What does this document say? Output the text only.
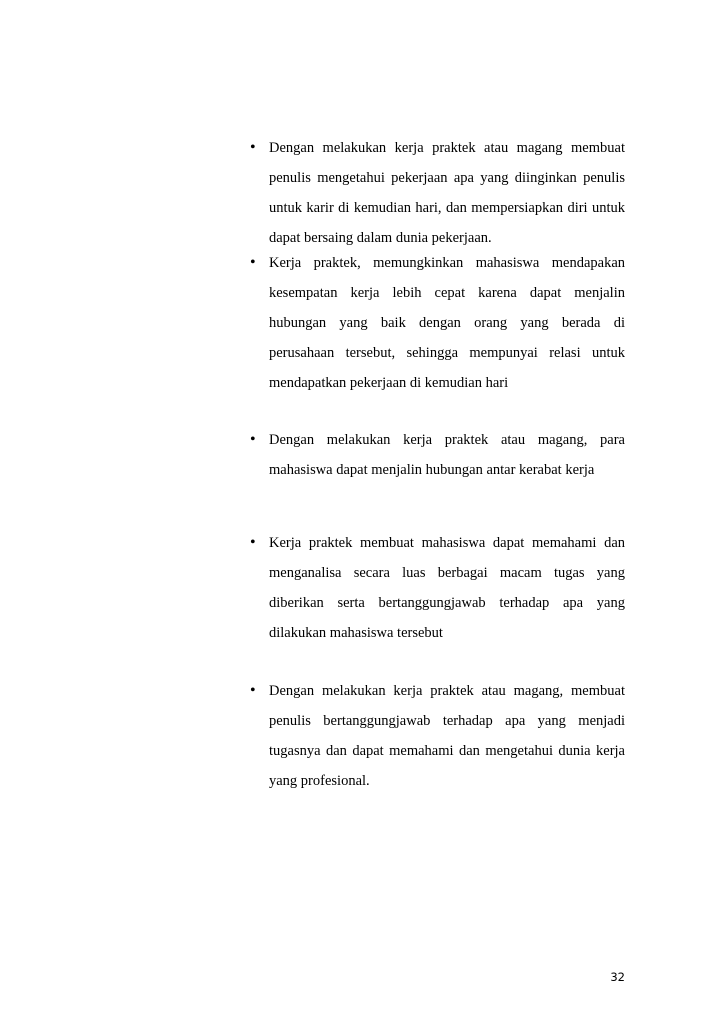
• Dengan melakukan kerja praktek atau magang membuat penulis mengetahui pekerjaan apa yang diinginkan penulis untuk karir di kemudian hari, dan mempersiapkan diri untuk dapat bersaing dalam dunia pekerjaan.
• Kerja praktek, memungkinkan mahasiswa mendapakan kesempatan kerja lebih cepat karena dapat menjalin hubungan yang baik dengan orang yang berada di perusahaan tersebut, sehingga mempunyai relasi untuk mendapatkan pekerjaan di kemudian hari
• Dengan melakukan kerja praktek atau magang, para mahasiswa dapat menjalin hubungan antar kerabat kerja
• Kerja praktek membuat mahasiswa dapat memahami dan menganalisa secara luas berbagai macam tugas yang diberikan serta bertanggungjawab terhadap apa yang dilakukan mahasiswa tersebut
• Dengan melakukan kerja praktek atau magang, membuat penulis bertanggungjawab terhadap apa yang menjadi tugasnya dan dapat memahami dan mengetahui dunia kerja yang profesional.
32
